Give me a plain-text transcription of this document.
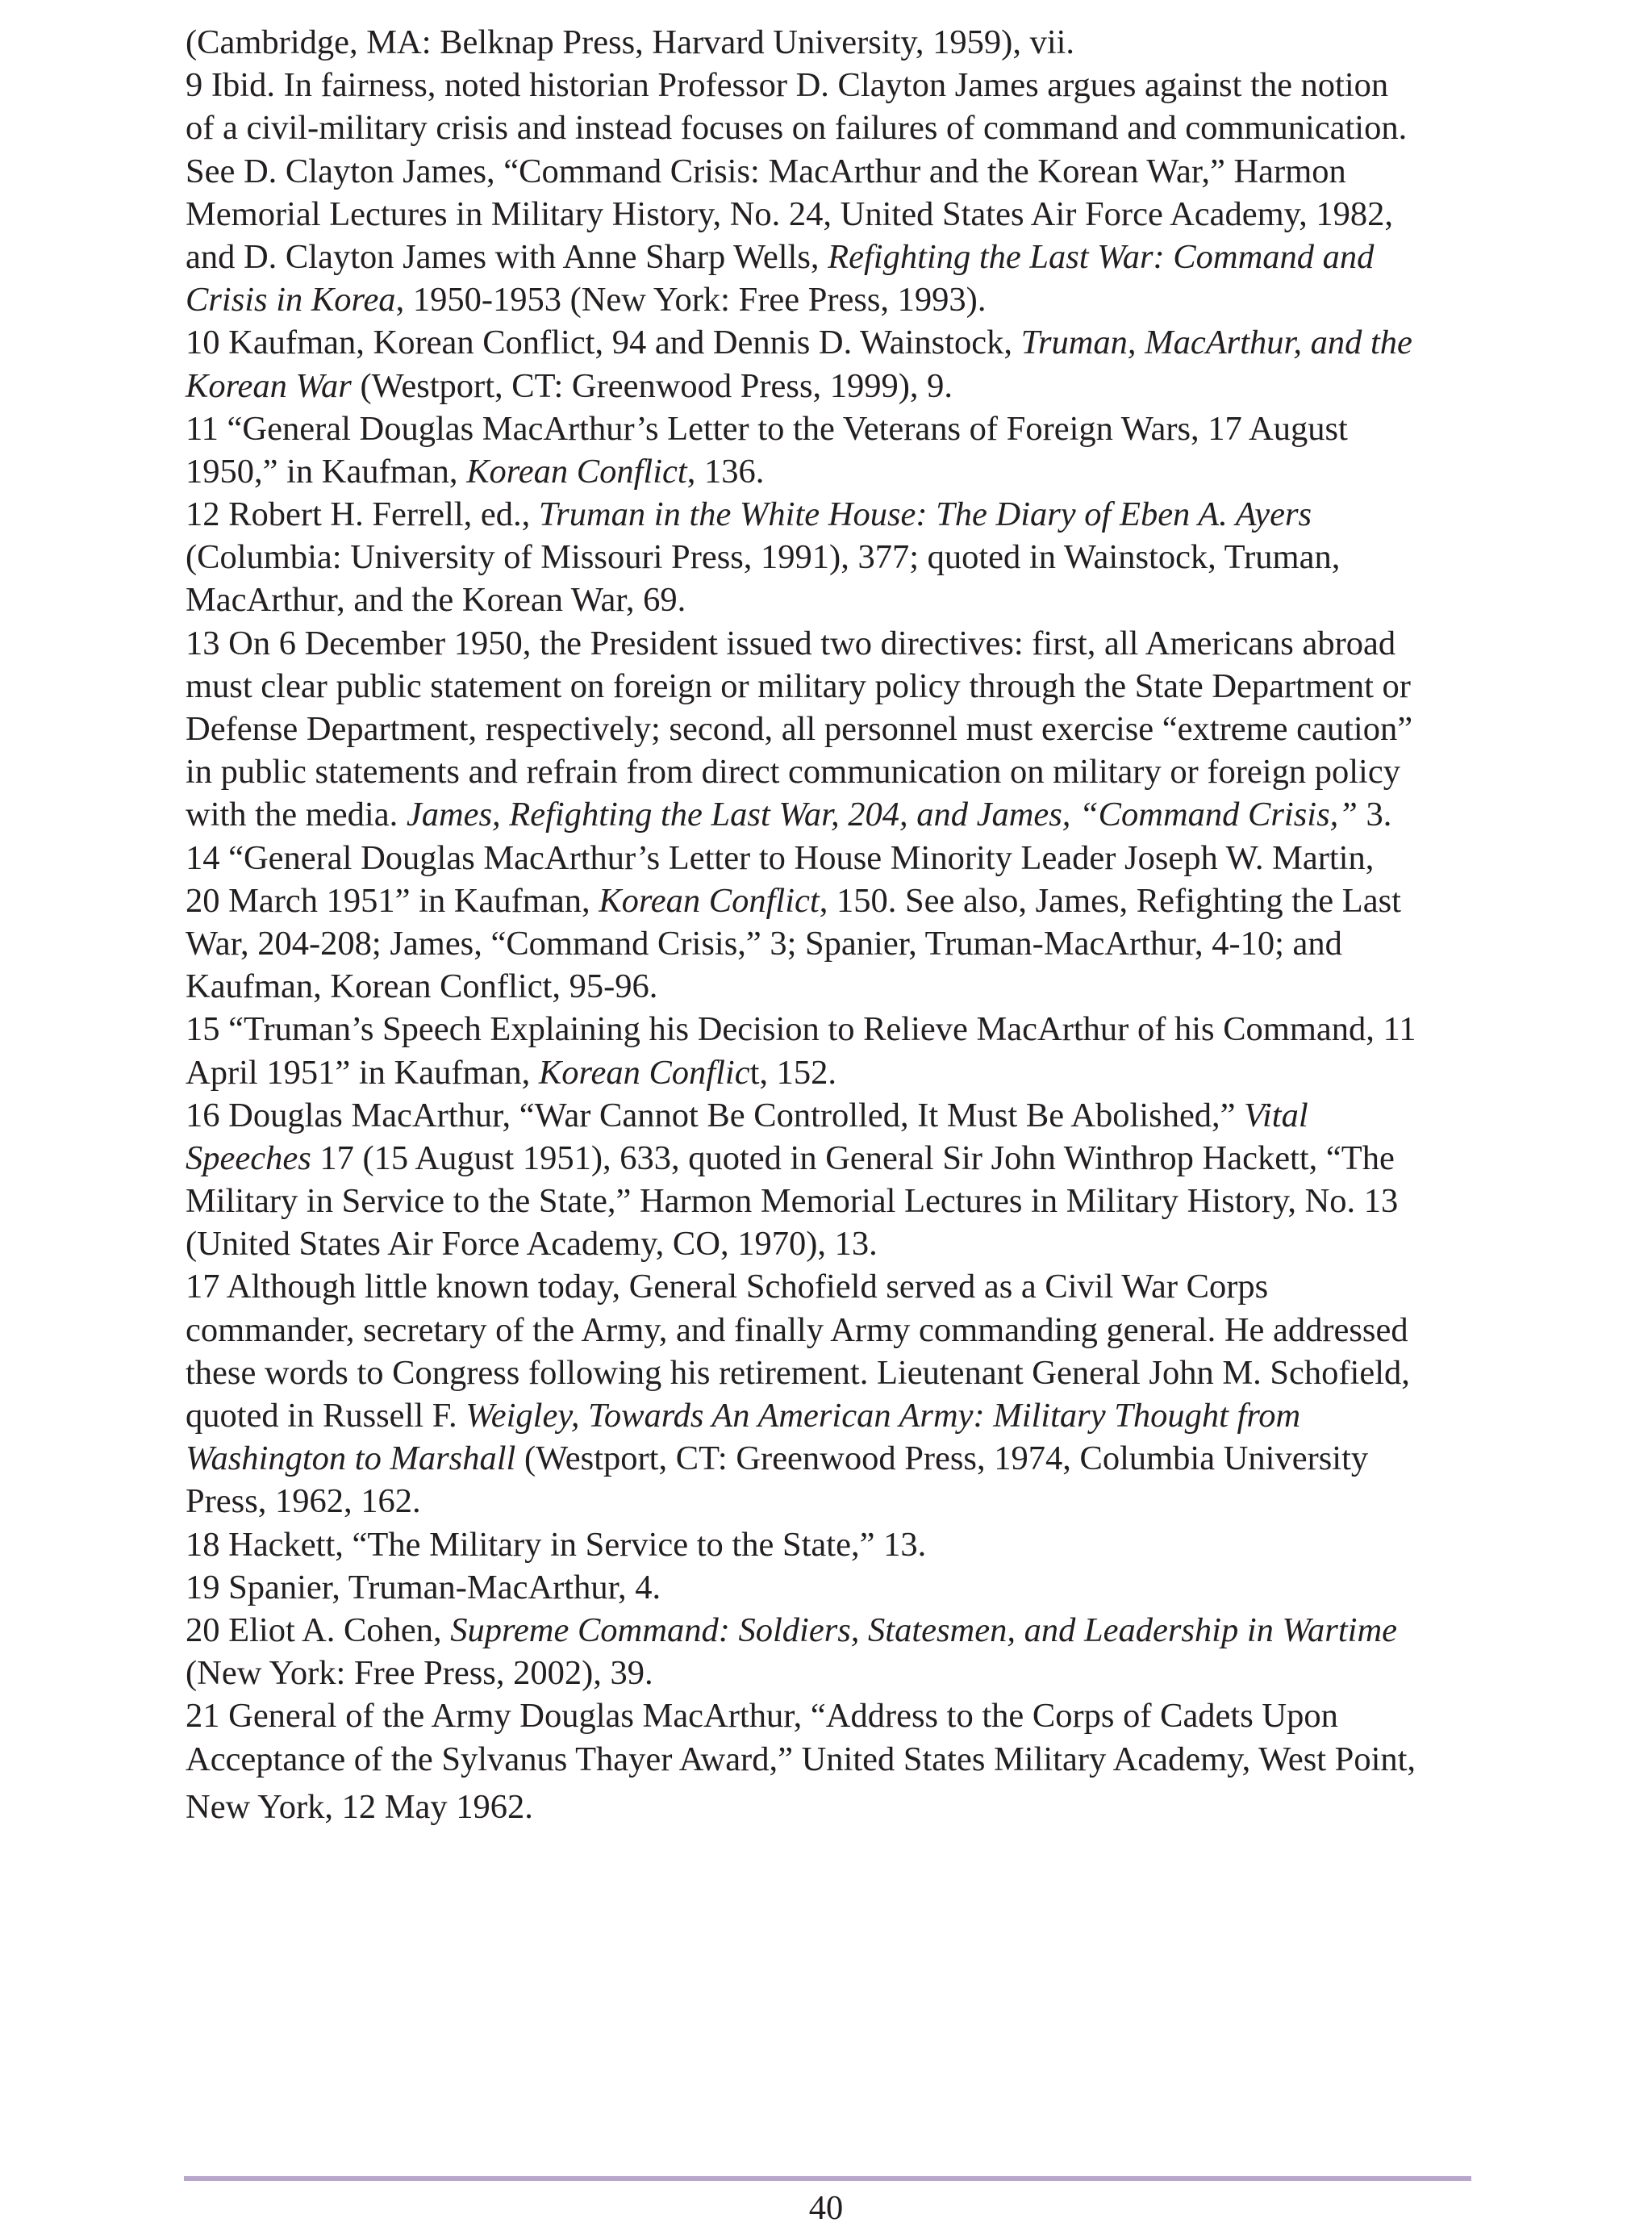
(Cambridge, MA: Belknap Press, Harvard University, 1959), vii.
9 Ibid. In fairness, noted historian Professor D. Clayton James argues against the notion
of a civil-military crisis and instead focuses on failures of command and communication.
See D. Clayton James, “Command Crisis: MacArthur and the Korean War,” Harmon
Memorial Lectures in Military History, No. 24, United States Air Force Academy, 1982,
and D. Clayton James with Anne Sharp Wells, Refighting the Last War: Command and
Crisis in Korea, 1950-1953 (New York: Free Press, 1993).
10 Kaufman, Korean Conflict, 94 and Dennis D. Wainstock, Truman, MacArthur, and the
Korean War (Westport, CT: Greenwood Press, 1999), 9.
11 “General Douglas MacArthur’s Letter to the Veterans of Foreign Wars, 17 August
1950,” in Kaufman, Korean Conflict, 136.
12 Robert H. Ferrell, ed., Truman in the White House: The Diary of Eben A. Ayers
(Columbia: University of Missouri Press, 1991), 377; quoted in Wainstock, Truman,
MacArthur, and the Korean War, 69.
13 On 6 December 1950, the President issued two directives: first, all Americans abroad
must clear public statement on foreign or military policy through the State Department or
Defense Department, respectively; second, all personnel must exercise “extreme caution”
in public statements and refrain from direct communication on military or foreign policy
with the media. James, Refighting the Last War, 204, and James, “Command Crisis,” 3.
14 “General Douglas MacArthur’s Letter to House Minority Leader Joseph W. Martin,
20 March 1951” in Kaufman, Korean Conflict, 150. See also, James, Refighting the Last
War, 204-208; James, “Command Crisis,” 3; Spanier, Truman-MacArthur, 4-10; and
Kaufman, Korean Conflict, 95-96.
15 “Truman’s Speech Explaining his Decision to Relieve MacArthur of his Command, 11
April 1951” in Kaufman, Korean Conflict, 152.
16 Douglas MacArthur, “War Cannot Be Controlled, It Must Be Abolished,” Vital
Speeches 17 (15 August 1951), 633, quoted in General Sir John Winthrop Hackett, “The
Military in Service to the State,” Harmon Memorial Lectures in Military History, No. 13
(United States Air Force Academy, CO, 1970), 13.
17 Although little known today, General Schofield served as a Civil War Corps
commander, secretary of the Army, and finally Army commanding general. He addressed
these words to Congress following his retirement. Lieutenant General John M. Schofield,
quoted in Russell F. Weigley, Towards An American Army: Military Thought from
Washington to Marshall (Westport, CT: Greenwood Press, 1974, Columbia University
Press, 1962, 162.
18 Hackett, “The Military in Service to the State,” 13.
19 Spanier, Truman-MacArthur, 4.
20 Eliot A. Cohen, Supreme Command: Soldiers, Statesmen, and Leadership in Wartime
(New York: Free Press, 2002), 39.
21 General of the Army Douglas MacArthur, “Address to the Corps of Cadets Upon
Acceptance of the Sylvanus Thayer Award,” United States Military Academy, West Point,
New York, 12 May 1962.
40
